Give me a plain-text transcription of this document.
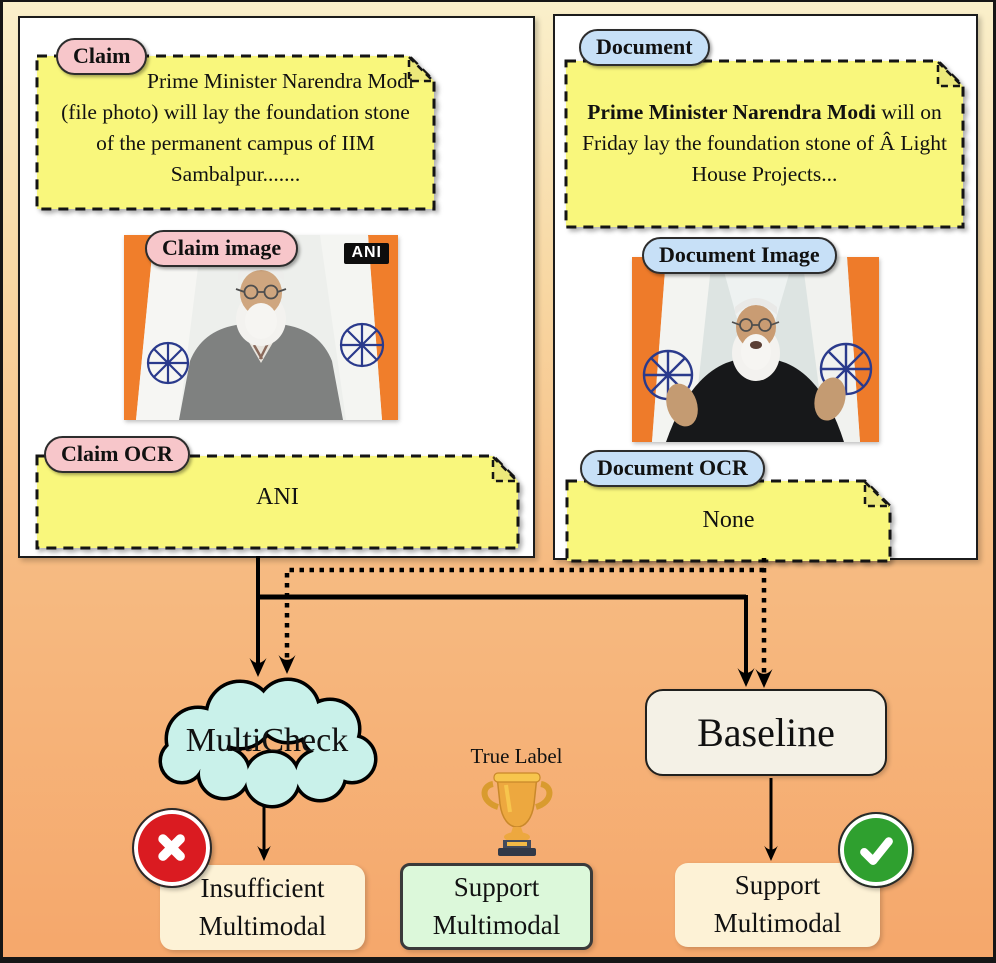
Prime Minister Narendra Modi (file photo) will lay the foundation stone of the permanent campus of IIM Sambalpur.......
Claim
ANI
Claim image
ANI
Claim OCR
Prime Minister Narendra Modi will on Friday lay the foundation stone of Â Light House Projects...
Document
Document Image
None
Document OCR
MultiCheck	Baseline
True Label
Insufficient
Multimodal
Support
Multimodal
Support
Multimodal
